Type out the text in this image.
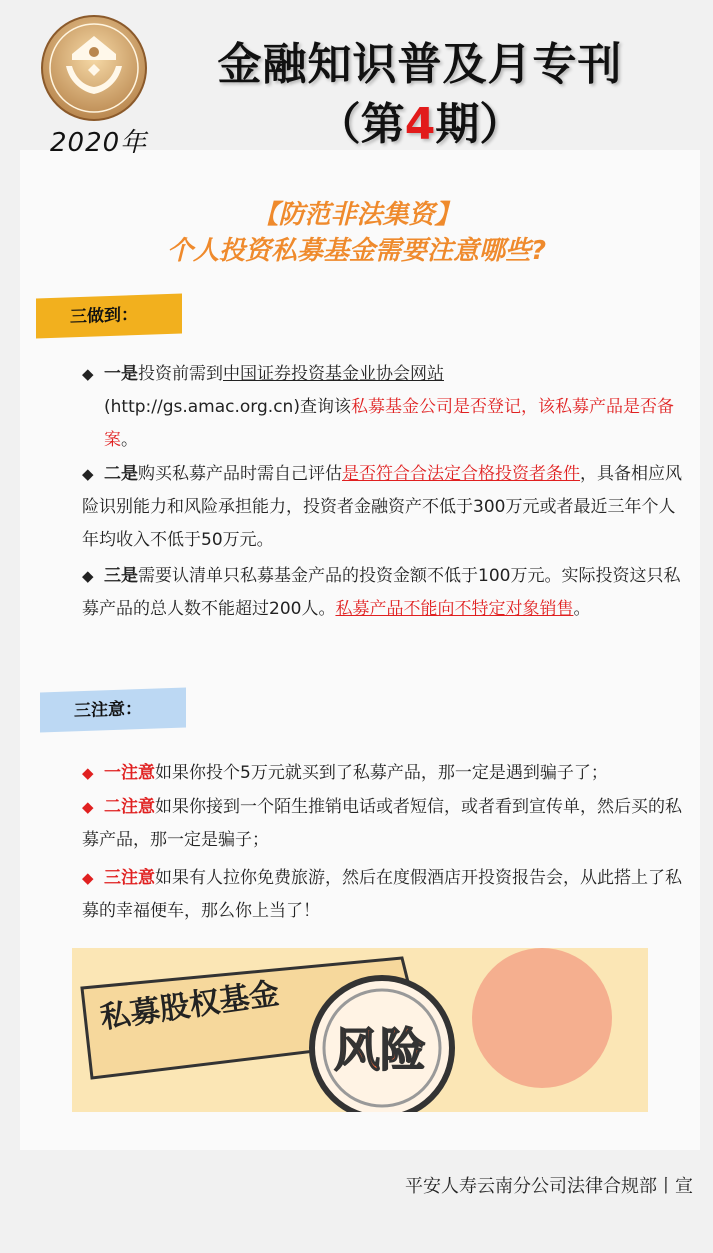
2020年
金融知识普及月专刊
（第4期）
【防范非法集资】
个人投资私募基金需要注意哪些?
三做到：
◆ 一是投资前需到中国证券投资基金业协会网站
(http://gs.amac.org.cn)查询该私募基金公司是否登记，该私募产品是否备案。
◆ 二是购买私募产品时需自己评估是否符合合法定合格投资者条件，具备相应风险识别能力和风险承担能力，投资者金融资产不低于300万元或者最近三年个人年均收入不低于50万元。
◆ 三是需要认清单只私募基金产品的投资金额不低于100万元。实际投资这只私募产品的总人数不能超过200人。私募产品不能向不特定对象销售。
三注意：
◆ 一注意如果你投个5万元就买到了私募产品，那一定是遇到骗子了；
◆ 二注意如果你接到一个陌生推销电话或者短信，或者看到宣传单，然后买的私募产品，那一定是骗子；
◆ 三注意如果有人拉你免费旅游，然后在度假酒店开投资报告会，从此搭上了私募的幸福便车，那么你上当了！
私募股权基金
风险
平安人寿云南分公司法律合规部丨宣
